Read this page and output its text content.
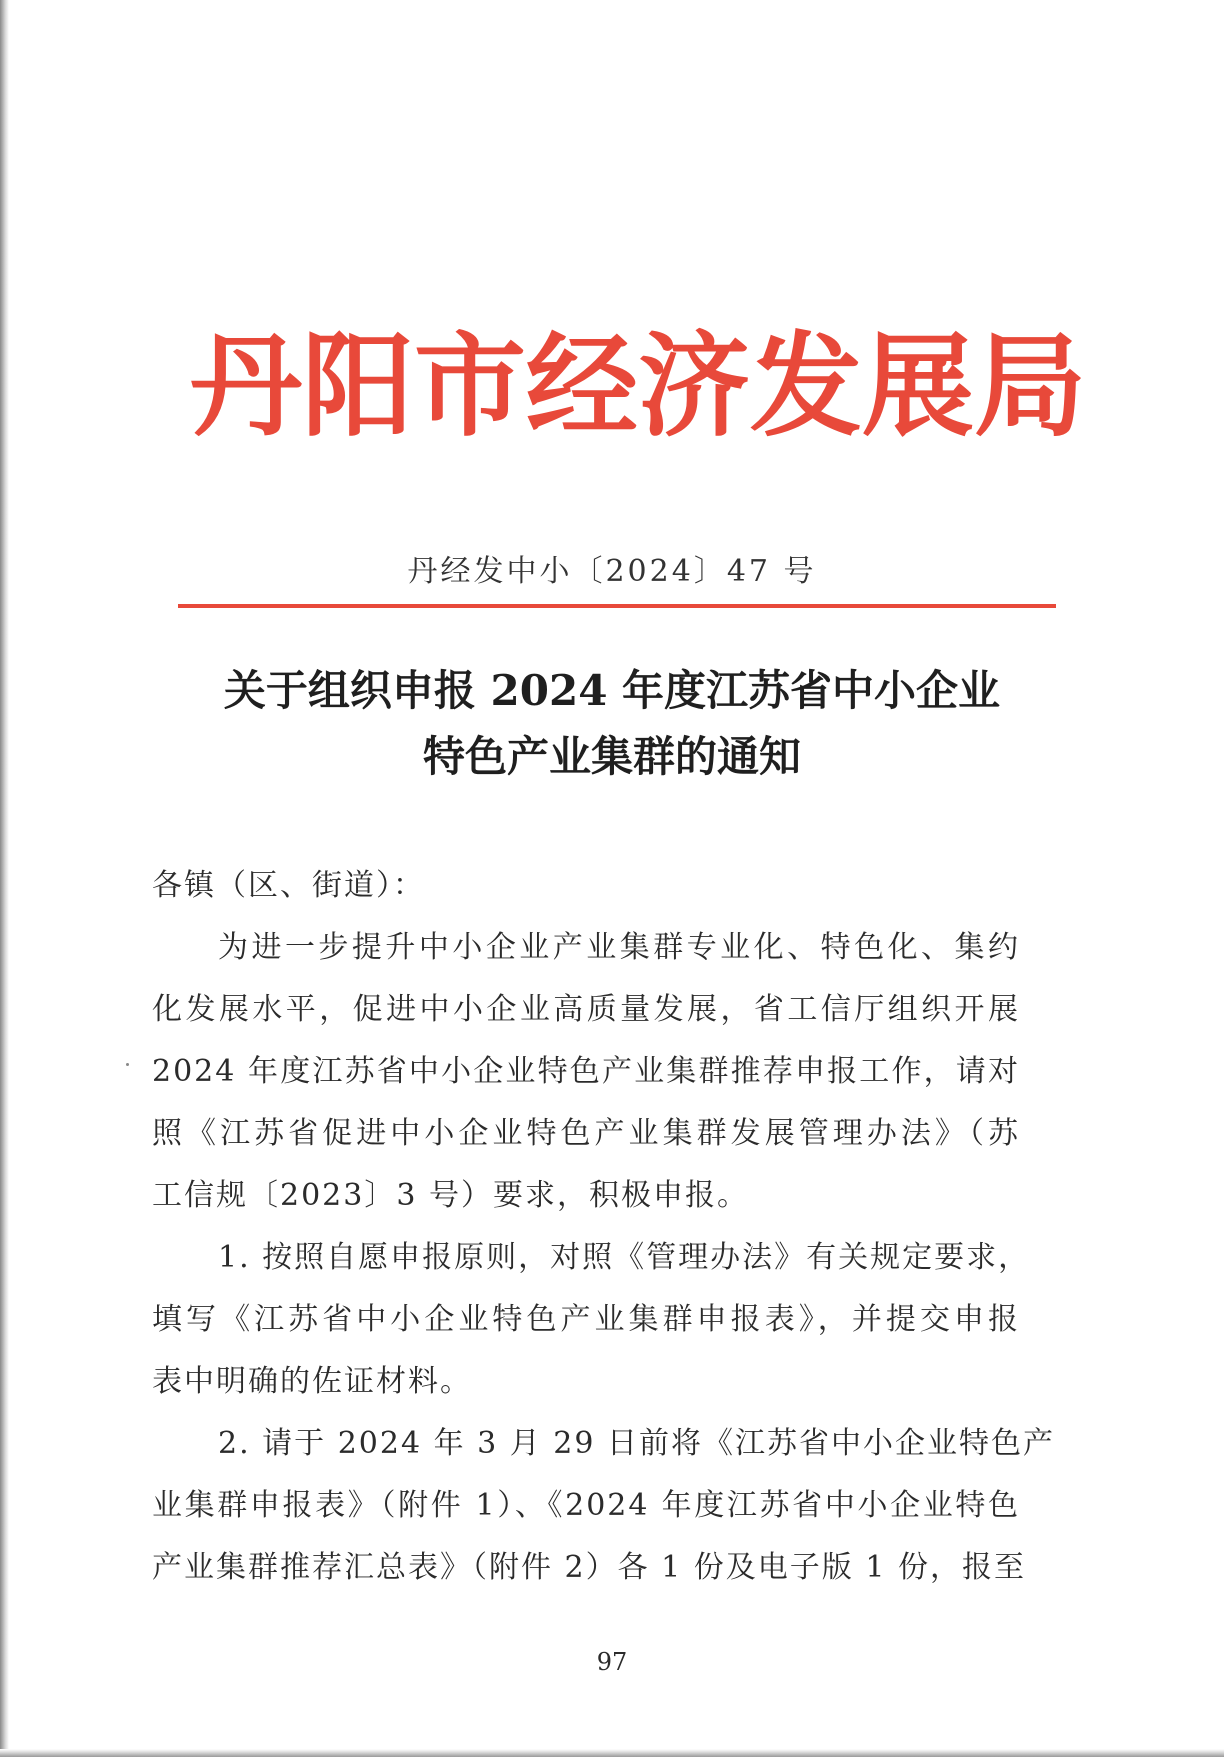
丹阳市经济发展局
丹经发中小〔2024〕47 号
关于组织申报 2024 年度江苏省中小企业
特色产业集群的通知
各镇（区、街道）：
为进一步提升中小企业产业集群专业化、特色化、集约
化发展水平，促进中小企业高质量发展，省工信厅组织开展
2024 年度江苏省中小企业特色产业集群推荐申报工作，请对
照《江苏省促进中小企业特色产业集群发展管理办法》（苏
工信规〔2023〕3 号）要求，积极申报。
1. 按照自愿申报原则，对照《管理办法》有关规定要求，
填写《江苏省中小企业特色产业集群申报表》，并提交申报
表中明确的佐证材料。
2. 请于 2024 年 3 月 29 日前将《江苏省中小企业特色产
业集群申报表》（附件 1）、《2024 年度江苏省中小企业特色
产业集群推荐汇总表》（附件 2）各 1 份及电子版 1 份，报至
97
